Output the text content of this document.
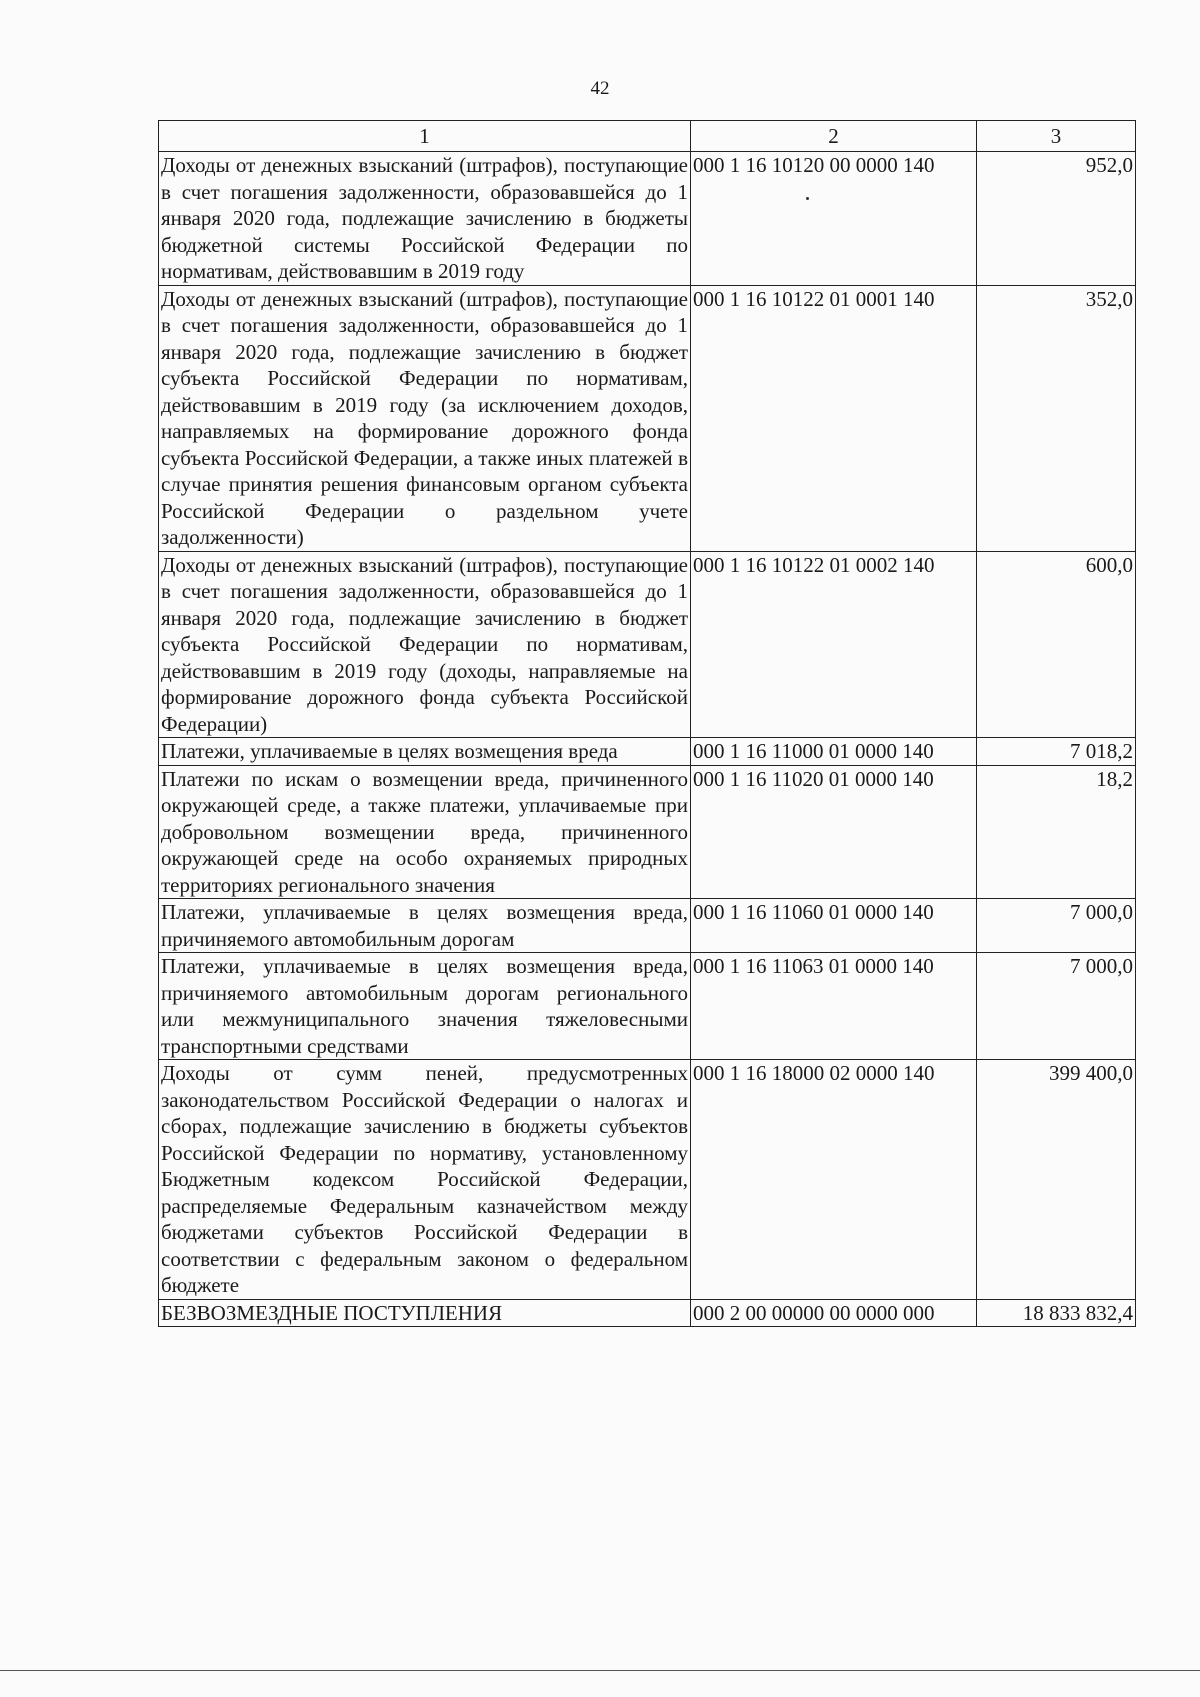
42
1	2	3
Доходы от денежных взысканий (штрафов), поступающие в счет погашения задолженности, образовавшейся до 1 января 2020 года, подлежащие зачислению в бюджеты бюджетной системы Российской Федерации по нормативам, действовавшим в 2019 году	000 1 16 10120 00 0000 140	952,0
Доходы от денежных взысканий (штрафов), поступающие в счет погашения задолженности, образовавшейся до 1 января 2020 года, подлежащие зачислению в бюджет субъекта Российской Федерации по нормативам, действовавшим в 2019 году (за исключением доходов, направляемых на формирование дорожного фонда субъекта Российской Федерации, а также иных платежей в случае принятия решения финансовым органом субъекта Российской Федерации о раздельном учете задолженности)	000 1 16 10122 01 0001 140	352,0
Доходы от денежных взысканий (штрафов), поступающие в счет погашения задолженности, образовавшейся до 1 января 2020 года, подлежащие зачислению в бюджет субъекта Российской Федерации по нормативам, действовавшим в 2019 году (доходы, направляемые на формирование дорожного фонда субъекта Российской Федерации)	000 1 16 10122 01 0002 140	600,0
Платежи, уплачиваемые в целях возмещения вреда	000 1 16 11000 01 0000 140	7 018,2
Платежи по искам о возмещении вреда, причиненного окружающей среде, а также платежи, уплачиваемые при добровольном возмещении вреда, причиненного окружающей среде на особо охраняемых природных территориях регионального значения	000 1 16 11020 01 0000 140	18,2
Платежи, уплачиваемые в целях возмещения вреда, причиняемого автомобильным дорогам	000 1 16 11060 01 0000 140	7 000,0
Платежи, уплачиваемые в целях возмещения вреда, причиняемого автомобильным дорогам регионального или межмуниципального значения тяжеловесными транспортными средствами	000 1 16 11063 01 0000 140	7 000,0
Доходы от сумм пеней, предусмотренных законодательством Российской Федерации о налогах и сборах, подлежащие зачислению в бюджеты субъектов Российской Федерации по нормативу, установленному Бюджетным кодексом Российской Федерации, распределяемые Федеральным казначейством между бюджетами субъектов Российской Федерации в соответствии с федеральным законом о федеральном бюджете	000 1 16 18000 02 0000 140	399 400,0
БЕЗВОЗМЕЗДНЫЕ ПОСТУПЛЕНИЯ	000 2 00 00000 00 0000 000	18 833 832,4
